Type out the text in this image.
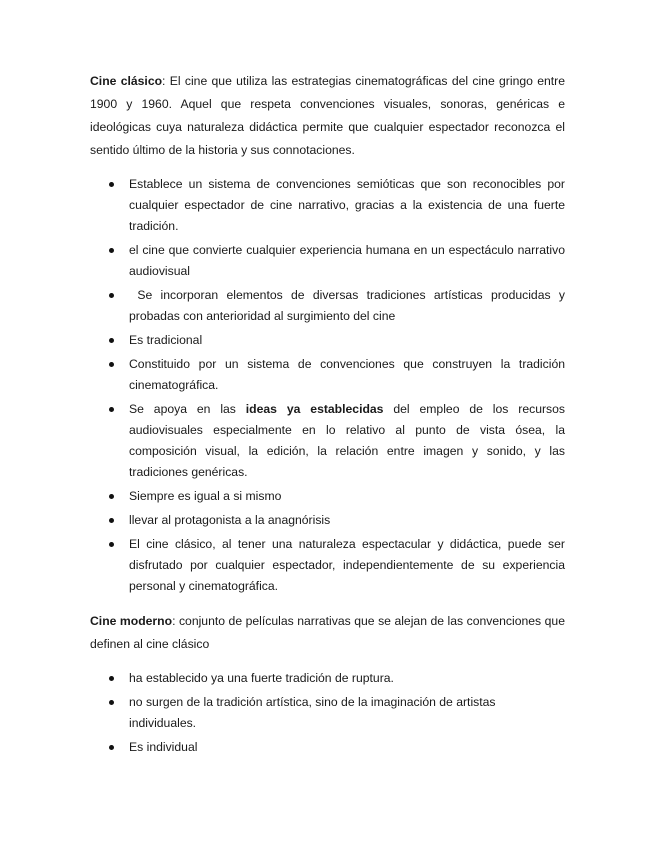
Cine clásico: El cine que utiliza las estrategias cinematográficas del cine gringo entre 1900 y 1960. Aquel que respeta convenciones visuales, sonoras, genéricas e ideológicas cuya naturaleza didáctica permite que cualquier espectador reconozca el sentido último de la historia y sus connotaciones.

Establece un sistema de convenciones semióticas que son reconocibles por cualquier espectador de cine narrativo, gracias a la existencia de una fuerte tradición.
el cine que convierte cualquier experiencia humana en un espectáculo narrativo audiovisual
Se incorporan elementos de diversas tradiciones artísticas producidas y probadas con anterioridad al surgimiento del cine
Es tradicional
Constituido por un sistema de convenciones que construyen la tradición cinematográfica.
Se apoya en las ideas ya establecidas del empleo de los recursos audiovisuales especialmente en lo relativo al punto de vista ósea, la composición visual, la edición, la relación entre imagen y sonido, y las tradiciones genéricas.
Siempre es igual a si mismo
llevar al protagonista a la anagnórisis
El cine clásico, al tener una naturaleza espectacular y didáctica, puede ser disfrutado por cualquier espectador, independientemente de su experiencia personal y cinematográfica.

Cine moderno: conjunto de películas narrativas que se alejan de las convenciones que definen al cine clásico

ha establecido ya una fuerte tradición de ruptura.
no surgen de la tradición artística, sino de la imaginación de artistas individuales.
Es individual
